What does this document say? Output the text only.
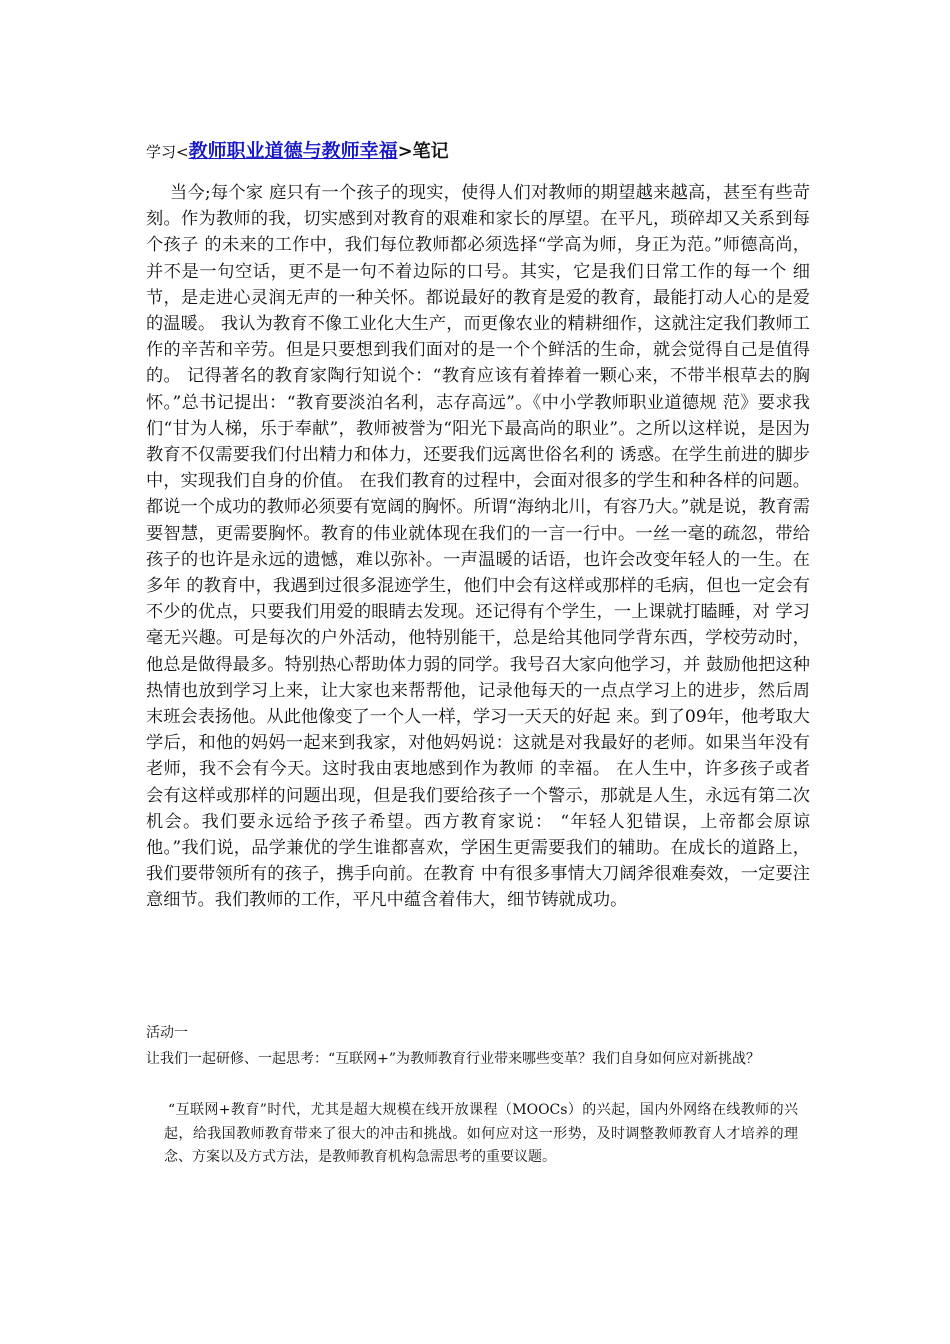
学习<教师职业道德与教师幸福>笔记

当今;每个家 庭只有一个孩子的现实，使得人们对教师的期望越来越高，甚至有些苛刻。作为教师的我，切实感到对教育的艰难和家长的厚望。在平凡，琐碎却又关系到每个孩子 的未来的工作中，我们每位教师都必须选择“学高为师，身正为范。”师德高尚，并不是一句空话，更不是一句不着边际的口号。其实，它是我们日常工作的每一个 细节，是走进心灵润无声的一种关怀。都说最好的教育是爱的教育，最能打动人心的是爱的温暖。 我认为教育不像工业化大生产，而更像农业的精耕细作，这就注定我们教师工作的辛苦和辛劳。但是只要想到我们面对的是一个个鲜活的生命，就会觉得自己是值得 的。 记得著名的教育家陶行知说个：“教育应该有着捧着一颗心来，不带半根草去的胸怀。”总书记提出：“教育要淡泊名利，志存高远”。《中小学教师职业道德规 范》要求我们“甘为人梯，乐于奉献”，教师被誉为“阳光下最高尚的职业”。之所以这样说，是因为教育不仅需要我们付出精力和体力，还要我们远离世俗名利的 诱惑。在学生前进的脚步中，实现我们自身的价值。 在我们教育的过程中，会面对很多的学生和种各样的问题。都说一个成功的教师必须要有宽阔的胸怀。所谓“海纳北川，有容乃大。”就是说，教育需要智慧，更需要胸怀。教育的伟业就体现在我们的一言一行中。一丝一毫的疏忽，带给孩子的也许是永远的遗憾，难以弥补。一声温暖的话语，也许会改变年轻人的一生。在多年 的教育中，我遇到过很多混迹学生，他们中会有这样或那样的毛病，但也一定会有不少的优点，只要我们用爱的眼睛去发现。还记得有个学生，一上课就打瞌睡，对 学习毫无兴趣。可是每次的户外活动，他特别能干，总是给其他同学背东西，学校劳动时，他总是做得最多。特别热心帮助体力弱的同学。我号召大家向他学习，并 鼓励他把这种热情也放到学习上来，让大家也来帮帮他，记录他每天的一点点学习上的进步，然后周末班会表扬他。从此他像变了一个人一样，学习一天天的好起 来。到了09年，他考取大学后，和他的妈妈一起来到我家，对他妈妈说：这就是对我最好的老师。如果当年没有老师，我不会有今天。这时我由衷地感到作为教师 的幸福。 在人生中，许多孩子或者会有这样或那样的问题出现，但是我们要给孩子一个警示，那就是人生，永远有第二次机会。我们要永远给予孩子希望。西方教育家说： “年轻人犯错误，上帝都会原谅他。”我们说，品学兼优的学生谁都喜欢，学困生更需要我们的辅助。在成长的道路上，我们要带领所有的孩子，携手向前。在教育 中有很多事情大刀阔斧很难奏效，一定要注意细节。我们教师的工作，平凡中蕴含着伟大，细节铸就成功。

活动一

让我们一起研修、一起思考：“互联网+”为教师教育行业带来哪些变革？我们自身如何应对新挑战？

“互联网+教育”时代，尤其是超大规模在线开放课程（MOOCs）的兴起，国内外网络在线教师的兴起，给我国教师教育带来了很大的冲击和挑战。如何应对这一形势，及时调整教师教育人才培养的理念、方案以及方式方法，是教师教育机构急需思考的重要议题。
